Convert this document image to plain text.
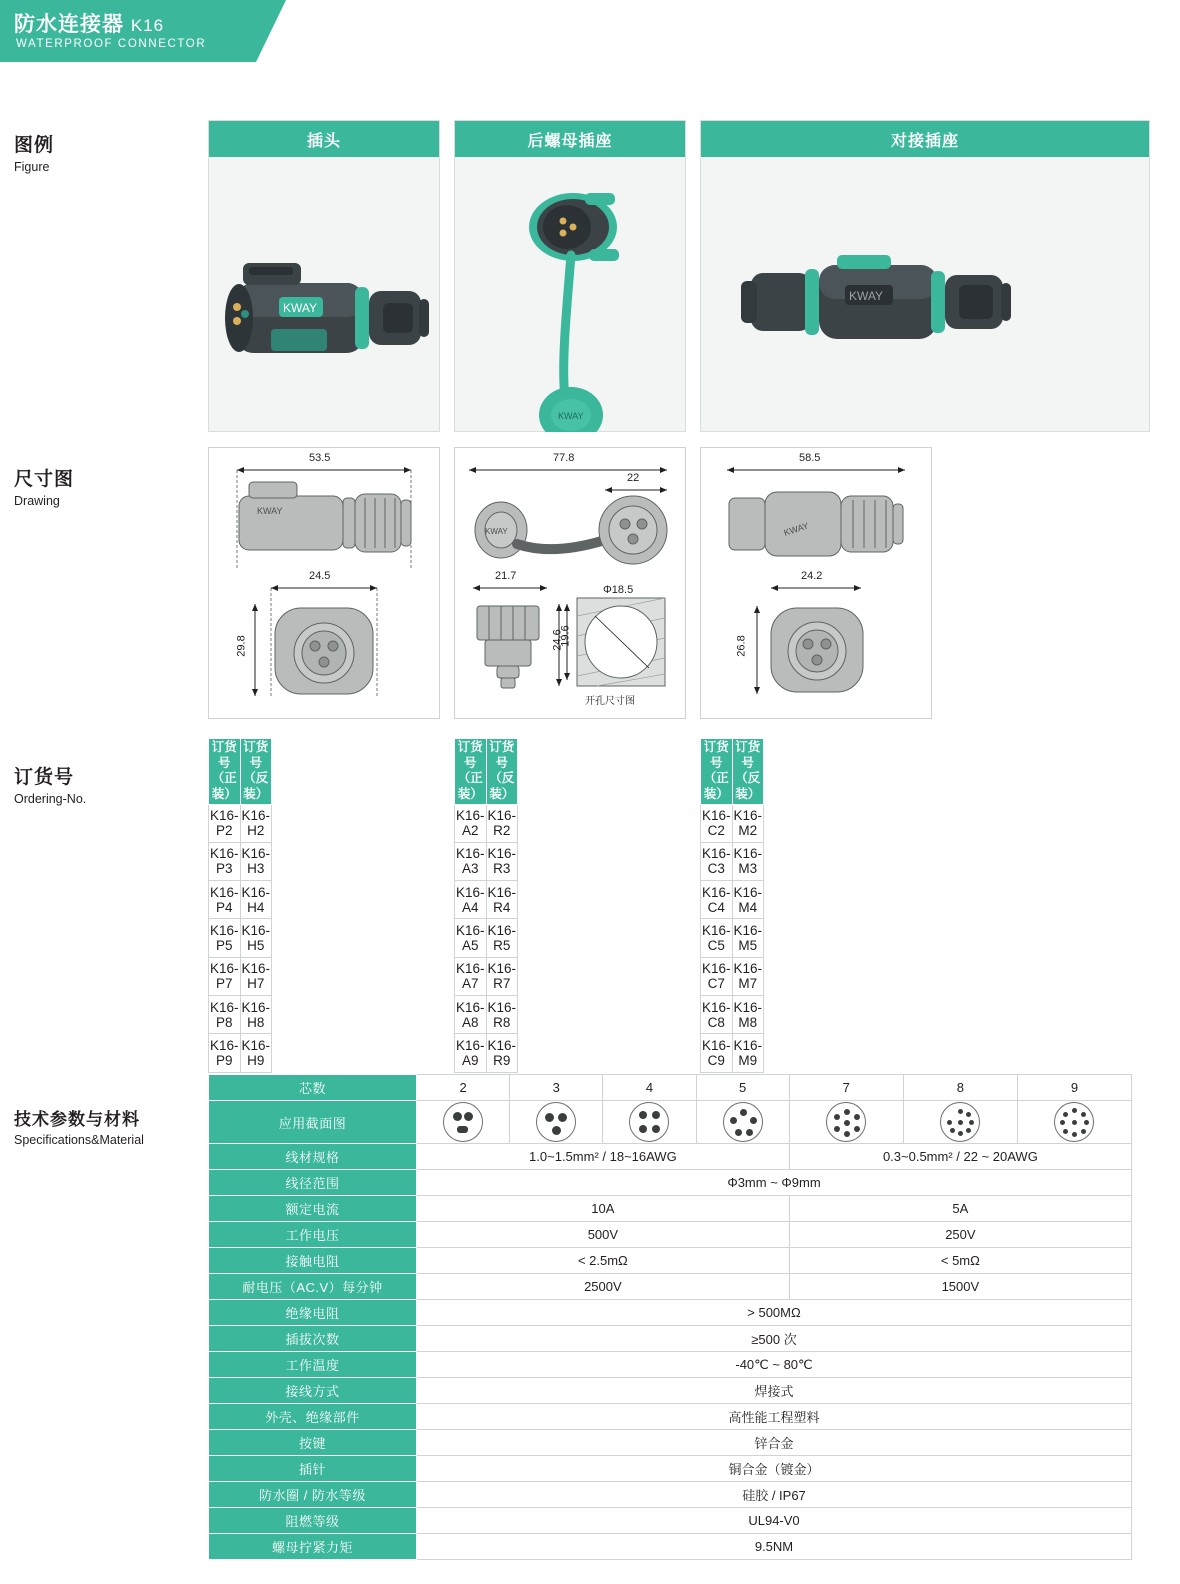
防水连接器 K16
WATERPROOF CONNECTOR
图例
Figure
尺寸图
Drawing
订货号
Ordering-No.
技术参数与材料
Specifications&Material
插头
KWAY
后螺母插座
KWAY
对接插座
KWAY
KWAY
53.5
24.5
29.8
KWAY
77.8
22
21.7
24.6
19.6
Φ18.5
开孔尺寸图
KWAY
58.5
24.2
26.8
订货号
（正装）

订货号
（反装）

K16-P2	K16-H2
K16-P3	K16-H3
K16-P4	K16-H4
K16-P5	K16-H5
K16-P7	K16-H7
K16-P8	K16-H8
K16-P9	K16-H9
订货号
（正装）

订货号
（反装）

K16-A2	K16-R2
K16-A3	K16-R3
K16-A4	K16-R4
K16-A5	K16-R5
K16-A7	K16-R7
K16-A8	K16-R8
K16-A9	K16-R9
订货号
（正装）

订货号
（反装）

K16-C2	K16-M2
K16-C3	K16-M3
K16-C4	K16-M4
K16-C5	K16-M5
K16-C7	K16-M7
K16-C8	K16-M8
K16-C9	K16-M9
芯数	2	3	4	5	7	8	9
应用截面图	

线材规格	1.0~1.5mm² / 18~16AWG				0.3~0.5mm² / 22 ~ 20AWG		
线径范围	Φ3mm ~ Φ9mm						
额定电流	10A				5A		
工作电压	500V				250V		
接触电阻	< 2.5mΩ				< 5mΩ		
耐电压（AC.V）每分钟	2500V				1500V		
绝缘电阻	> 500MΩ						
插拔次数	≥500 次						
工作温度	-40℃ ~ 80℃						
接线方式	焊接式						
外壳、绝缘部件	高性能工程塑料						
按键	锌合金						
插针	铜合金（镀金）						
防水圈 / 防水等级	硅胶 / IP67						
阻燃等级	UL94-V0						
螺母拧紧力矩	9.5NM						
